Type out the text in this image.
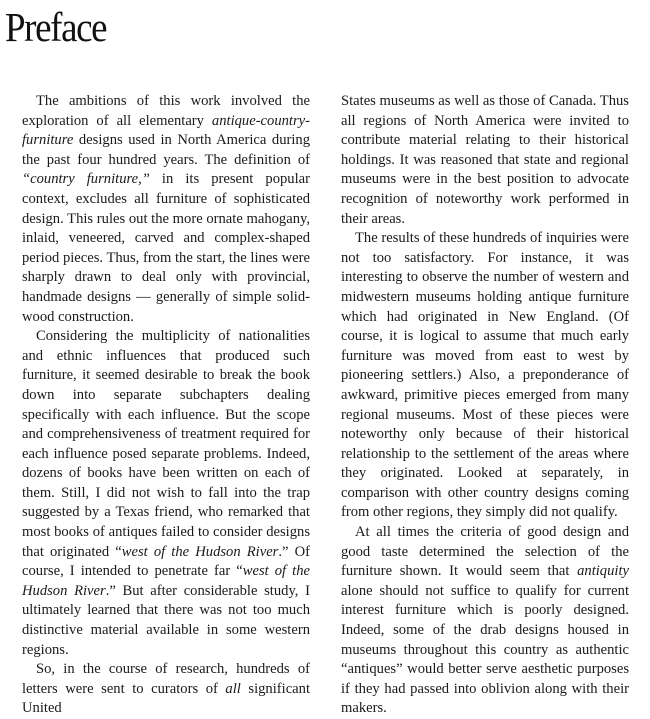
Preface

The ambitions of this work involved the exploration of all elementary antique-country-furniture designs used in North America during the past four hundred years. The definition of “country furniture,” in its present popular context, excludes all furniture of sophisticated design. This rules out the more ornate mahogany, inlaid, veneered, carved and complex-shaped period pieces. Thus, from the start, the lines were sharply drawn to deal only with provincial, handmade designs — generally of simple solid-wood construction.

Considering the multiplicity of nationalities and ethnic influences that produced such furniture, it seemed desirable to break the book down into separate subchapters dealing specifically with each influence. But the scope and comprehensiveness of treatment required for each influence posed separate problems. Indeed, dozens of books have been written on each of them. Still, I did not wish to fall into the trap suggested by a Texas friend, who remarked that most books of antiques failed to consider designs that originated “west of the Hudson River.” Of course, I intended to penetrate far “west of the Hudson River.” But after considerable study, I ultimately learned that there was not too much distinctive material available in some western regions.

So, in the course of research, hundreds of letters were sent to curators of all significant United

States museums as well as those of Canada. Thus all regions of North America were invited to contribute material relating to their historical holdings. It was reasoned that state and regional museums were in the best position to advocate recognition of noteworthy work performed in their areas.

The results of these hundreds of inquiries were not too satisfactory. For instance, it was interesting to observe the number of western and midwestern museums holding antique furniture which had originated in New England. (Of course, it is logical to assume that much early furniture was moved from east to west by pioneering settlers.) Also, a preponderance of awkward, primitive pieces emerged from many regional museums. Most of these pieces were noteworthy only because of their historical relationship to the settlement of the areas where they originated. Looked at separately, in comparison with other country designs coming from other regions, they simply did not qualify.

At all times the criteria of good design and good taste determined the selection of the furniture shown. It would seem that antiquity alone should not suffice to qualify for current interest furniture which is poorly designed. Indeed, some of the drab designs housed in museums throughout this country as authentic “antiques” would better serve aesthetic purposes if they had passed into oblivion along with their makers.
